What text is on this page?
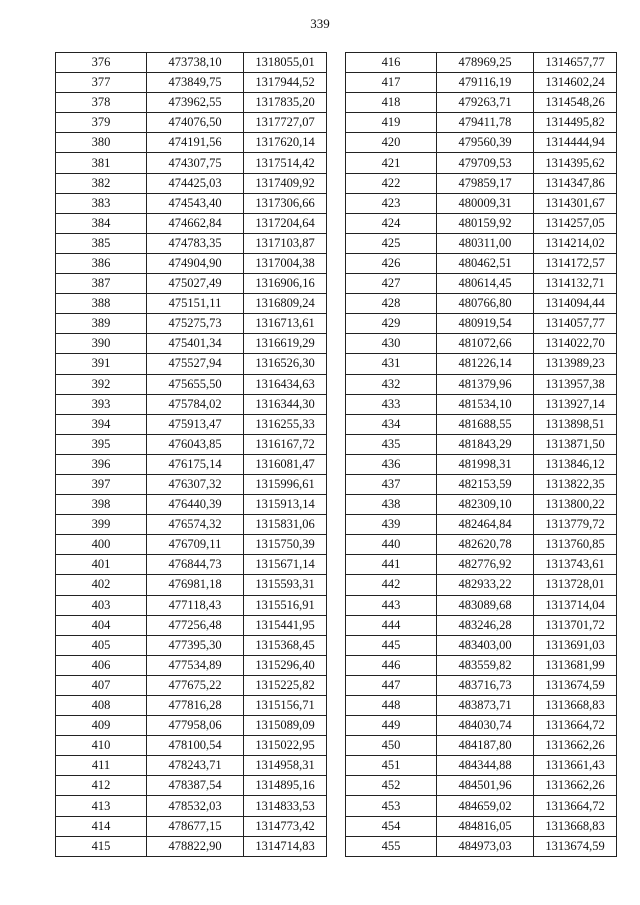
339
376	473738,10	1318055,01
377	473849,75	1317944,52
378	473962,55	1317835,20
379	474076,50	1317727,07
380	474191,56	1317620,14
381	474307,75	1317514,42
382	474425,03	1317409,92
383	474543,40	1317306,66
384	474662,84	1317204,64
385	474783,35	1317103,87
386	474904,90	1317004,38
387	475027,49	1316906,16
388	475151,11	1316809,24
389	475275,73	1316713,61
390	475401,34	1316619,29
391	475527,94	1316526,30
392	475655,50	1316434,63
393	475784,02	1316344,30
394	475913,47	1316255,33
395	476043,85	1316167,72
396	476175,14	1316081,47
397	476307,32	1315996,61
398	476440,39	1315913,14
399	476574,32	1315831,06
400	476709,11	1315750,39
401	476844,73	1315671,14
402	476981,18	1315593,31
403	477118,43	1315516,91
404	477256,48	1315441,95
405	477395,30	1315368,45
406	477534,89	1315296,40
407	477675,22	1315225,82
408	477816,28	1315156,71
409	477958,06	1315089,09
410	478100,54	1315022,95
411	478243,71	1314958,31
412	478387,54	1314895,16
413	478532,03	1314833,53
414	478677,15	1314773,42
415	478822,90	1314714,83
416	478969,25	1314657,77
417	479116,19	1314602,24
418	479263,71	1314548,26
419	479411,78	1314495,82
420	479560,39	1314444,94
421	479709,53	1314395,62
422	479859,17	1314347,86
423	480009,31	1314301,67
424	480159,92	1314257,05
425	480311,00	1314214,02
426	480462,51	1314172,57
427	480614,45	1314132,71
428	480766,80	1314094,44
429	480919,54	1314057,77
430	481072,66	1314022,70
431	481226,14	1313989,23
432	481379,96	1313957,38
433	481534,10	1313927,14
434	481688,55	1313898,51
435	481843,29	1313871,50
436	481998,31	1313846,12
437	482153,59	1313822,35
438	482309,10	1313800,22
439	482464,84	1313779,72
440	482620,78	1313760,85
441	482776,92	1313743,61
442	482933,22	1313728,01
443	483089,68	1313714,04
444	483246,28	1313701,72
445	483403,00	1313691,03
446	483559,82	1313681,99
447	483716,73	1313674,59
448	483873,71	1313668,83
449	484030,74	1313664,72
450	484187,80	1313662,26
451	484344,88	1313661,43
452	484501,96	1313662,26
453	484659,02	1313664,72
454	484816,05	1313668,83
455	484973,03	1313674,59
